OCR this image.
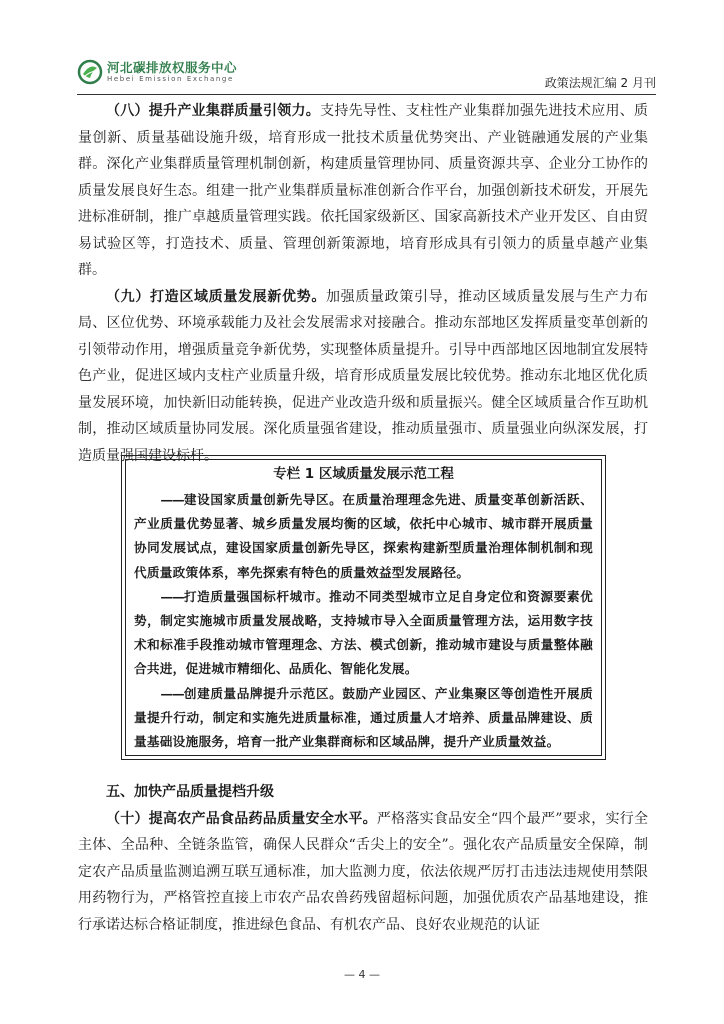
河北碳排放权服务中心
Hebei Emission Exchange	政策法规汇编 2 月刊

（八）提升产业集群质量引领力。支持先导性、支柱性产业集群加强先进技术应用、质量创新、质量基础设施升级，培育形成一批技术质量优势突出、产业链融通发展的产业集群。深化产业集群质量管理机制创新，构建质量管理协同、质量资源共享、企业分工协作的质量发展良好生态。组建一批产业集群质量标准创新合作平台，加强创新技术研发，开展先进标准研制，推广卓越质量管理实践。依托国家级新区、国家高新技术产业开发区、自由贸易试验区等，打造技术、质量、管理创新策源地，培育形成具有引领力的质量卓越产业集群。

（九）打造区域质量发展新优势。加强质量政策引导，推动区域质量发展与生产力布局、区位优势、环境承载能力及社会发展需求对接融合。推动东部地区发挥质量变革创新的引领带动作用，增强质量竞争新优势，实现整体质量提升。引导中西部地区因地制宜发展特色产业，促进区域内支柱产业质量升级，培育形成质量发展比较优势。推动东北地区优化质量发展环境，加快新旧动能转换，促进产业改造升级和质量振兴。健全区域质量合作互助机制，推动区域质量协同发展。深化质量强省建设，推动质量强市、质量强业向纵深发展，打造质量强国建设标杆。

专栏 1 区域质量发展示范工程

　　——建设国家质量创新先导区。在质量治理理念先进、质量变革创新活跃、产业质量优势显著、城乡质量发展均衡的区域，依托中心城市、城市群开展质量协同发展试点，建设国家质量创新先导区，探索构建新型质量治理体制机制和现代质量政策体系，率先探索有特色的质量效益型发展路径。

　　——打造质量强国标杆城市。推动不同类型城市立足自身定位和资源要素优势，制定实施城市质量发展战略，支持城市导入全面质量管理方法，运用数字技术和标准手段推动城市管理理念、方法、模式创新，推动城市建设与质量整体融合共进，促进城市精细化、品质化、智能化发展。

　　——创建质量品牌提升示范区。鼓励产业园区、产业集聚区等创造性开展质量提升行动，制定和实施先进质量标准，通过质量人才培养、质量品牌建设、质量基础设施服务，培育一批产业集群商标和区域品牌，提升产业质量效益。

五、加快产品质量提档升级

（十）提高农产品食品药品质量安全水平。严格落实食品安全“四个最严”要求，实行全主体、全品种、全链条监管，确保人民群众“舌尖上的安全”。强化农产品质量安全保障，制定农产品质量监测追溯互联互通标准，加大监测力度，依法依规严厉打击违法违规使用禁限用药物行为，严格管控直接上市农产品农兽药残留超标问题，加强优质农产品基地建设，推行承诺达标合格证制度，推进绿色食品、有机农产品、良好农业规范的认证

— 4 —
